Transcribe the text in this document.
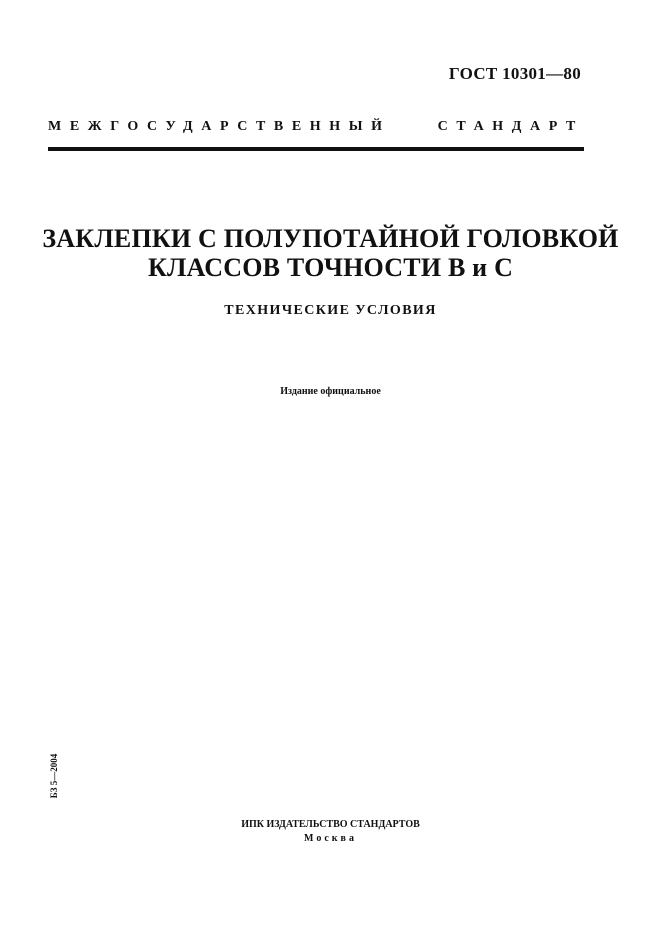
ГОСТ 10301—80
МЕЖГОСУДАРСТВЕННЫЙ СТАНДАРТ
ЗАКЛЕПКИ С ПОЛУПОТАЙНОЙ ГОЛОВКОЙ
КЛАССОВ ТОЧНОСТИ В и С
ТЕХНИЧЕСКИЕ УСЛОВИЯ
Издание официальное
БЗ 5—2004
ИПК ИЗДАТЕЛЬСТВО СТАНДАРТОВ
Москва
